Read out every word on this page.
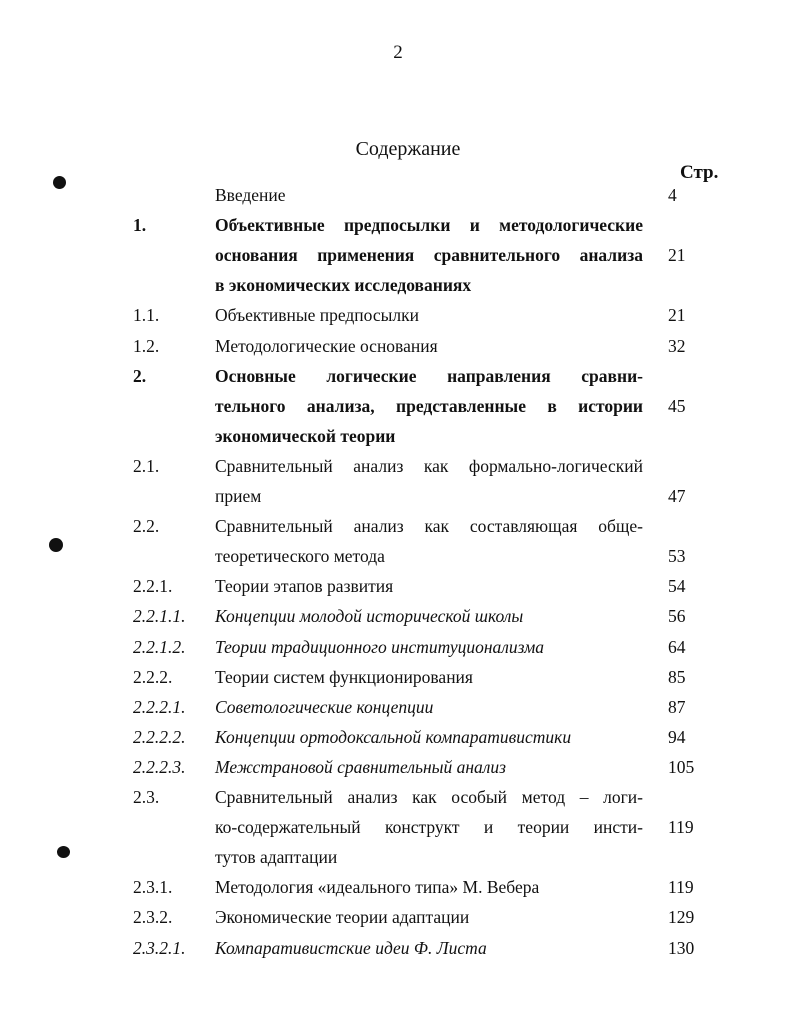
2
Содержание
Стр.
Введение	4
1.	Объективные предпосылки и методологические
основания применения сравнительного анализа 21
в экономических исследованиях
1.1.	Объективные предпосылки	21
1.2.	Методологические основания	32
2.	Основные логические направления сравни-
тельного анализа, представленные в истории 45
экономической теории
2.1.	Сравнительный анализ как формально-логический
прием	47
2.2.	Сравнительный анализ как составляющая обще-
теоретического метода	53
2.2.1. Теории этапов развития	54
2.2.1.1. Концепции молодой исторической школы	56
2.2.1.2. Теории традиционного институционализма	64
2.2.2. Теории систем функционирования	85
2.2.2.1. Советологические концепции	87
2.2.2.2. Концепции ортодоксальной компаративистики	94
2.2.2.3. Межстрановой сравнительный анализ	105
2.3.	Сравнительный анализ как особый метод – логи-
ко-содержательный конструкт и теории инсти- 119
тутов адаптации
2.3.1. Методология «идеального типа» М. Вебера	119
2.3.2. Экономические теории адаптации	129
2.3.2.1. Компаративистские идеи Ф. Листа	130
